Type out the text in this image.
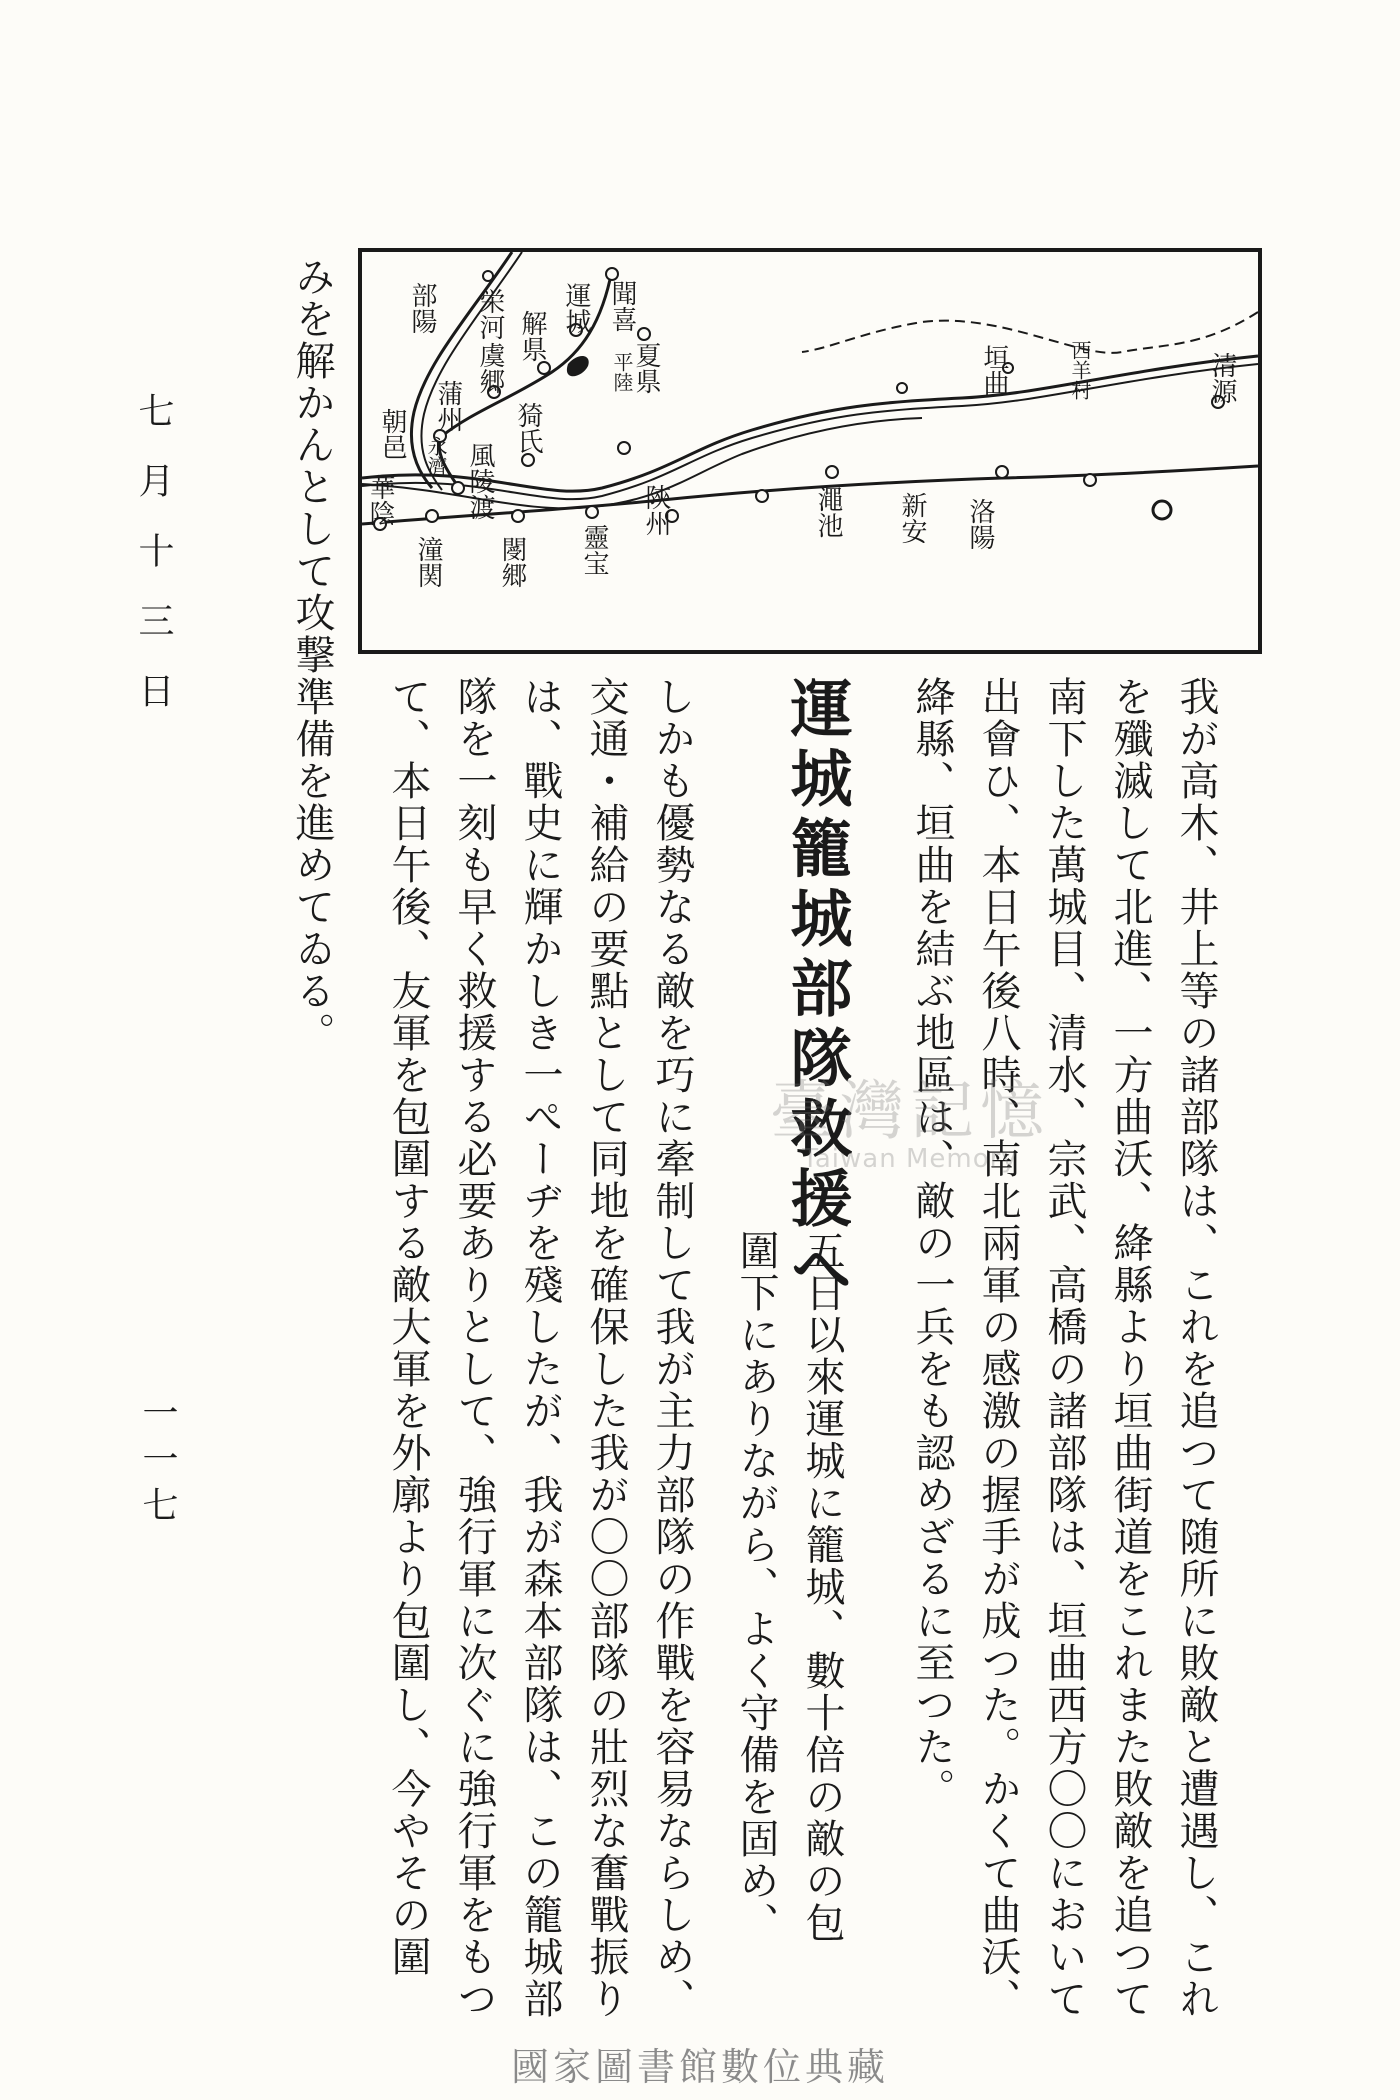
七月十三日
一一七
清源
西羊村
垣曲
夏県
平陸
聞喜
運城
解県
栄河
虞郷
猗氏
蒲州
永濟 風陵渡
朝邑
部陽
華陰
潼関 閿郷 靈宝
陝州	澠池 新安 洛陽
我が高木、井上等の諸部隊は、これを追つて随所に敗敵と遭遇し、これ
を殲滅して北進、一方曲沃、絳縣より垣曲街道をこれまた敗敵を追つて
南下した萬城目、清水、宗武、高橋の諸部隊は、垣曲西方〇〇において
出會ひ、本日午後八時、南北兩軍の感激の握手が成つた。かくて曲沃、
絳縣、垣曲を結ぶ地區は、敵の一兵をも認めざるに至つた。
運城籠城部隊救援へ
五日以來運城に籠城、數十倍の敵の包
圍下にありながら、よく守備を固め、
しかも優勢なる敵を巧に牽制して我が主力部隊の作戰を容易ならしめ、
交通・補給の要點として同地を確保した我が〇〇部隊の壯烈な奮戰振り
は、戰史に輝かしき一ぺーヂを殘したが、我が森本部隊は、この籠城部
隊を一刻も早く救援する必要ありとして、強行軍に次ぐに強行軍をもつ
て、本日午後、友軍を包圍する敵大軍を外廓より包圍し、今やその圍
みを解かんとして攻撃準備を進めてゐる。
臺灣記憶
Taiwan Memory
國家圖書館數位典藏
